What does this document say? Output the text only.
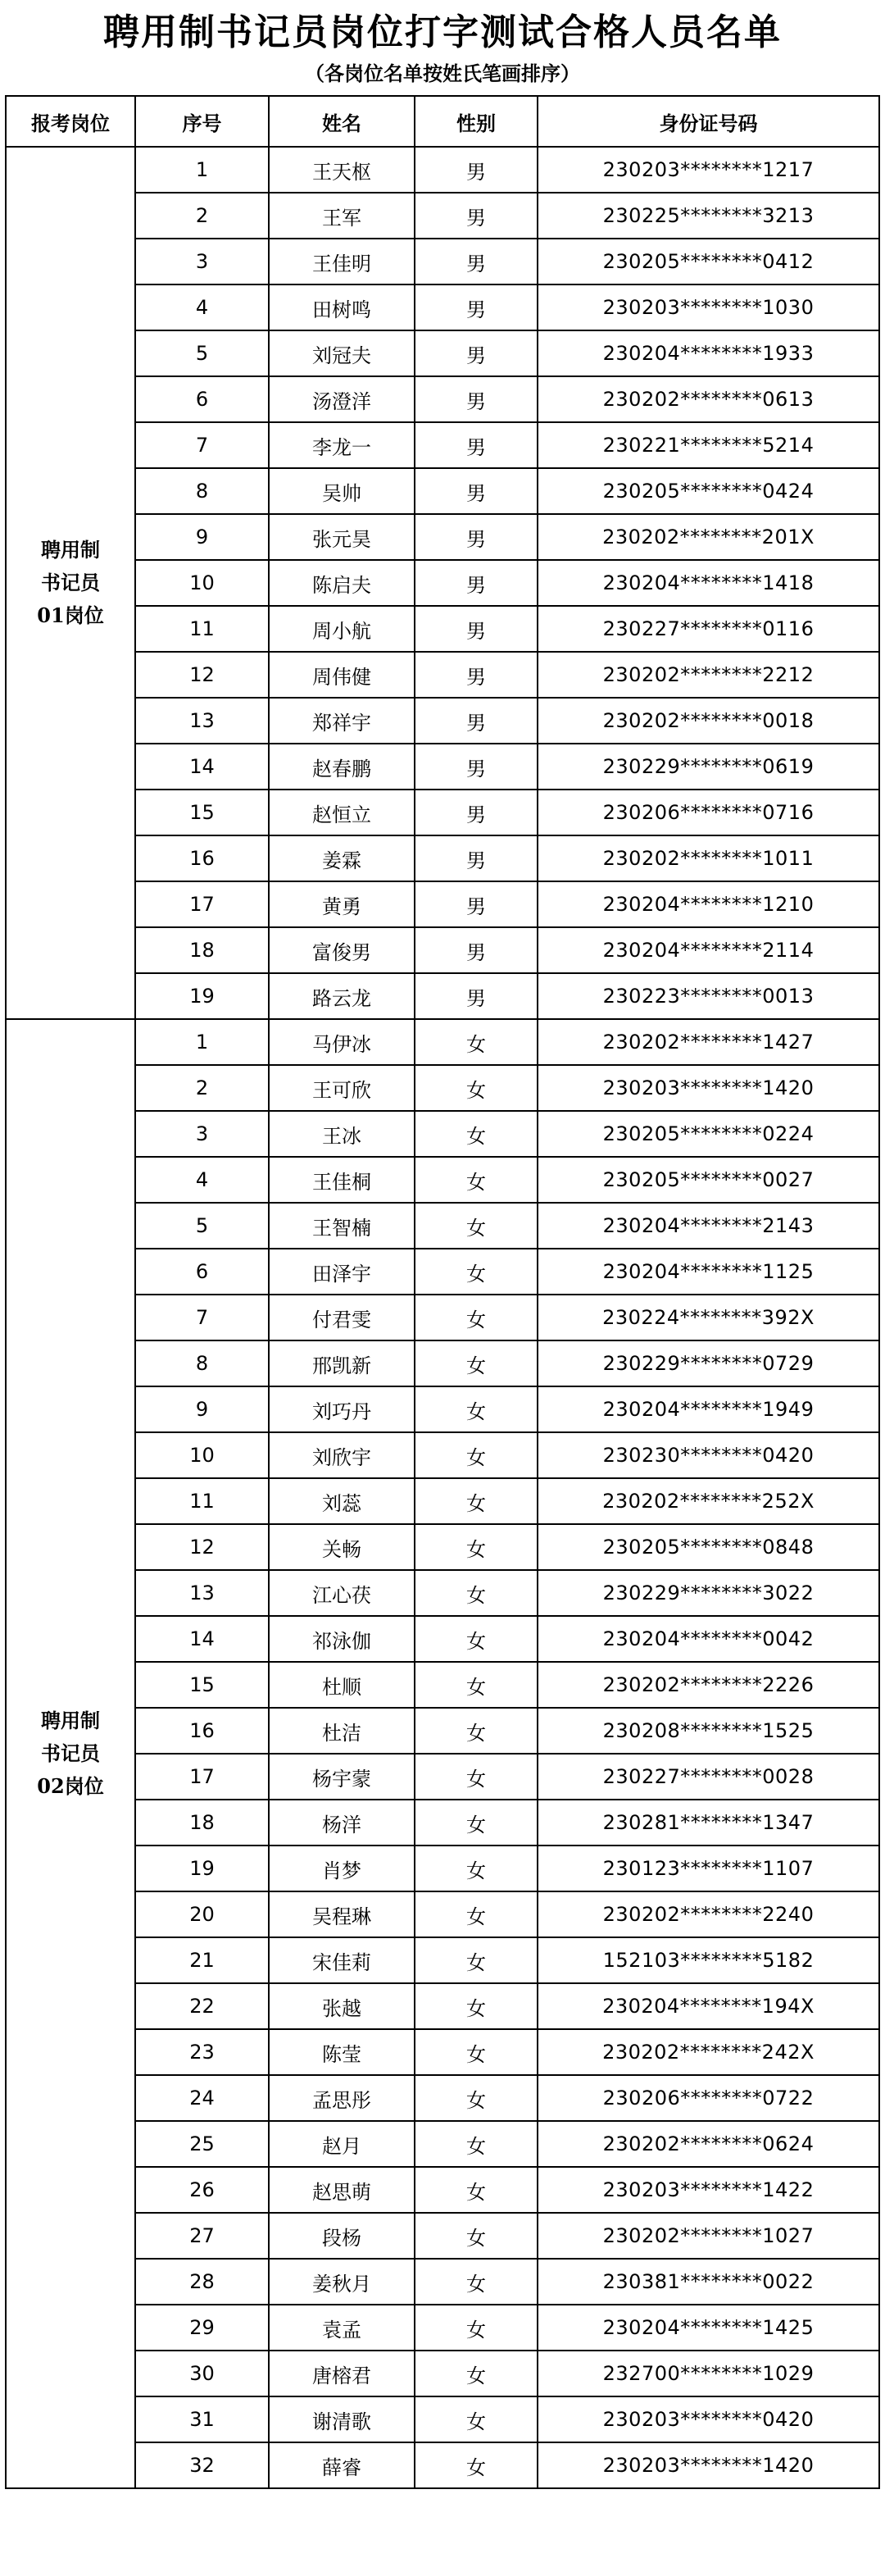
聘用制书记员岗位打字测试合格人员名单
（各岗位名单按姓氏笔画排序）
报考岗位	序号	姓名	性别	身份证号码

聘用制
书记员
01岗位	1	王天枢	男	230203********1217
	2	王军	男	230225********3213
	3	王佳明	男	230205********0412
	4	田树鸣	男	230203********1030
	5	刘冠夫	男	230204********1933
	6	汤澄洋	男	230202********0613
	7	李龙一	男	230221********5214
	8	吴帅	男	230205********0424
	9	张元昊	男	230202********201X
	10	陈启夫	男	230204********1418
	11	周小航	男	230227********0116
	12	周伟健	男	230202********2212
	13	郑祥宇	男	230202********0018
	14	赵春鹏	男	230229********0619
	15	赵恒立	男	230206********0716
	16	姜霖	男	230202********1011
	17	黄勇	男	230204********1210
	18	富俊男	男	230204********2114
	19	路云龙	男	230223********0013

聘用制
书记员
02岗位	1	马伊冰	女	230202********1427
	2	王可欣	女	230203********1420
	3	王冰	女	230205********0224
	4	王佳桐	女	230205********0027
	5	王智楠	女	230204********2143
	6	田泽宇	女	230204********1125
	7	付君雯	女	230224********392X
	8	邢凯新	女	230229********0729
	9	刘巧丹	女	230204********1949
	10	刘欣宇	女	230230********0420
	11	刘蕊	女	230202********252X
	12	关畅	女	230205********0848
	13	江心茯	女	230229********3022
	14	祁泳伽	女	230204********0042
	15	杜顺	女	230202********2226
	16	杜洁	女	230208********1525
	17	杨宇蒙	女	230227********0028
	18	杨洋	女	230281********1347
	19	肖梦	女	230123********1107
	20	吴程琳	女	230202********2240
	21	宋佳莉	女	152103********5182
	22	张越	女	230204********194X
	23	陈莹	女	230202********242X
	24	孟思彤	女	230206********0722
	25	赵月	女	230202********0624
	26	赵思萌	女	230203********1422
	27	段杨	女	230202********1027
	28	姜秋月	女	230381********0022
	29	袁孟	女	230204********1425
	30	唐榕君	女	232700********1029
	31	谢清歌	女	230203********0420
	32	薛睿	女	230203********1420
